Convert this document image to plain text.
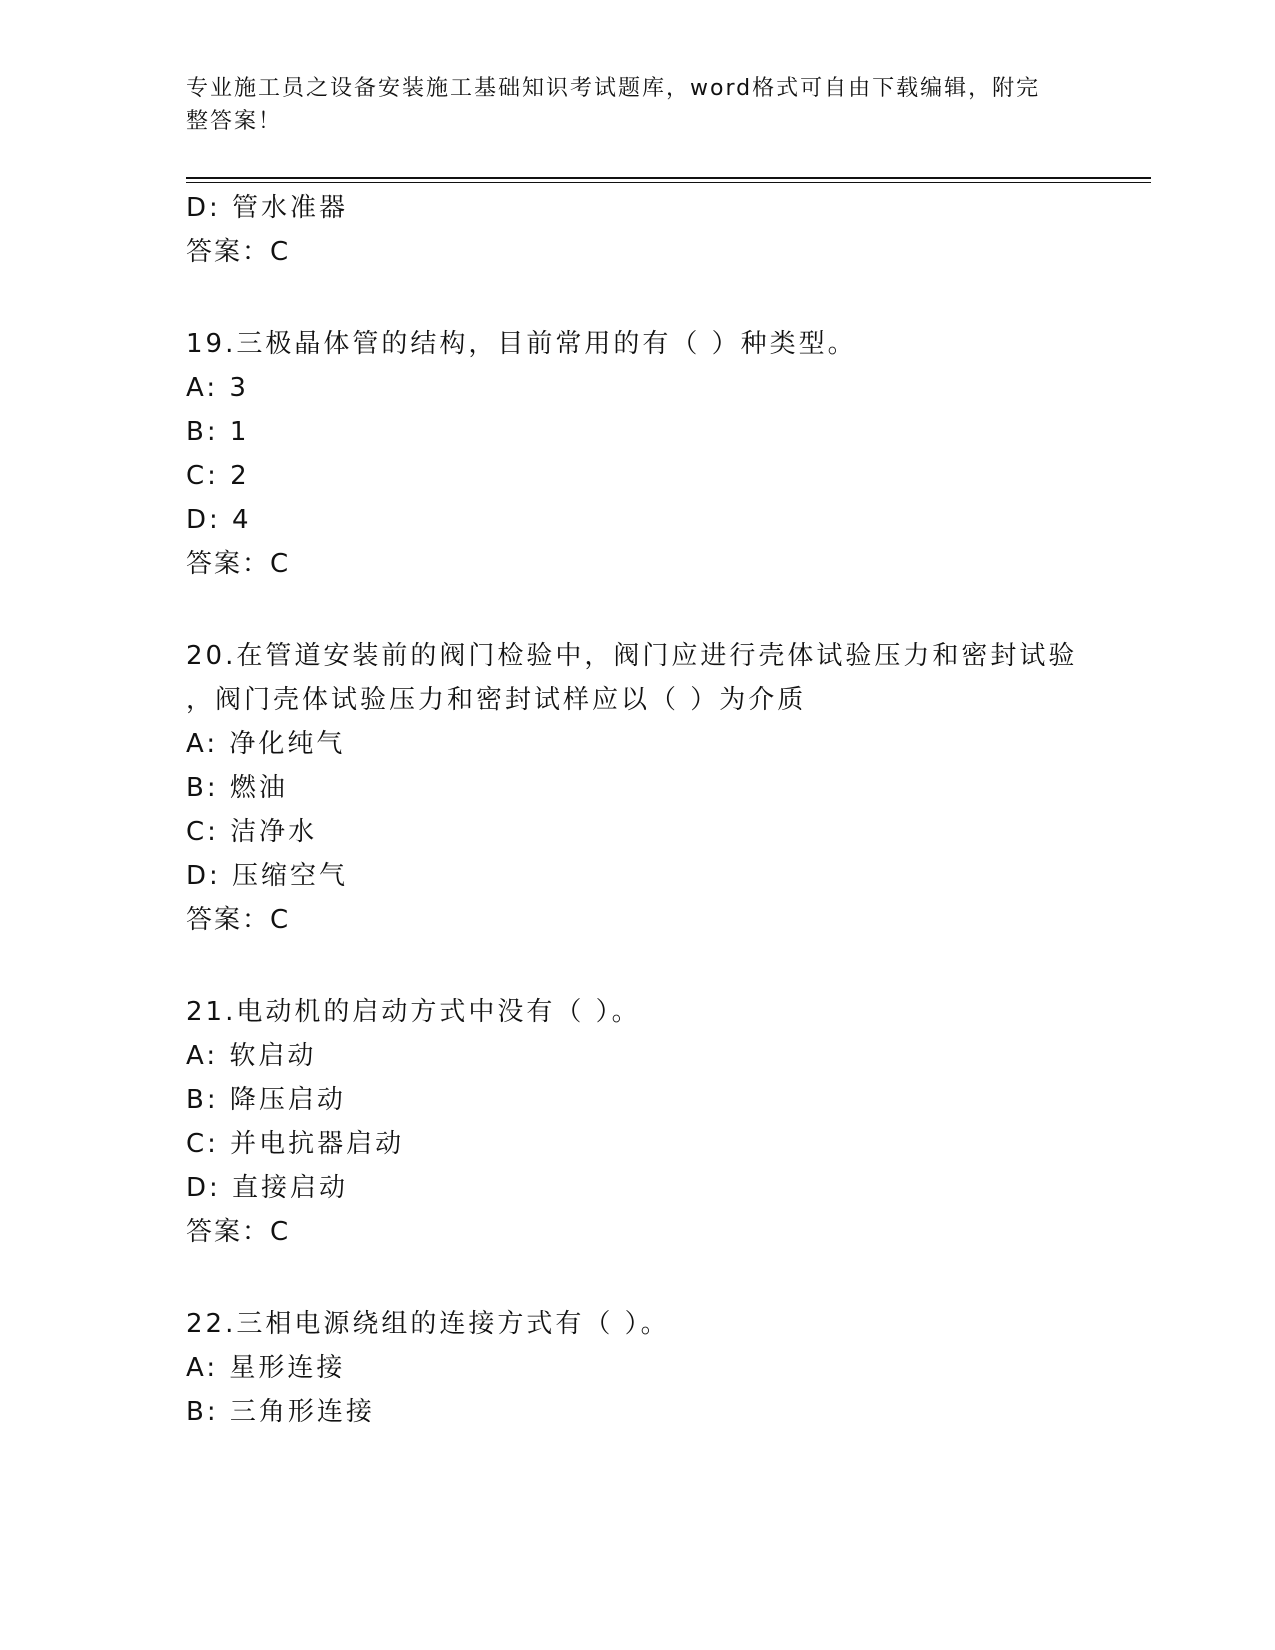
专业施工员之设备安装施工基础知识考试题库，word格式可自由下载编辑，附完
整答案！
D: 管水准器
答案：C
19.三极晶体管的结构，目前常用的有（ ）种类型。
A: 3
B: 1
C: 2
D: 4
答案：C
20.在管道安装前的阀门检验中，阀门应进行壳体试验压力和密封试验
，阀门壳体试验压力和密封试样应以（ ）为介质
A: 净化纯气
B: 燃油
C: 洁净水
D: 压缩空气
答案：C
21.电动机的启动方式中没有（ ）。
A: 软启动
B: 降压启动
C: 并电抗器启动
D: 直接启动
答案：C
22.三相电源绕组的连接方式有（ ）。
A: 星形连接
B: 三角形连接
